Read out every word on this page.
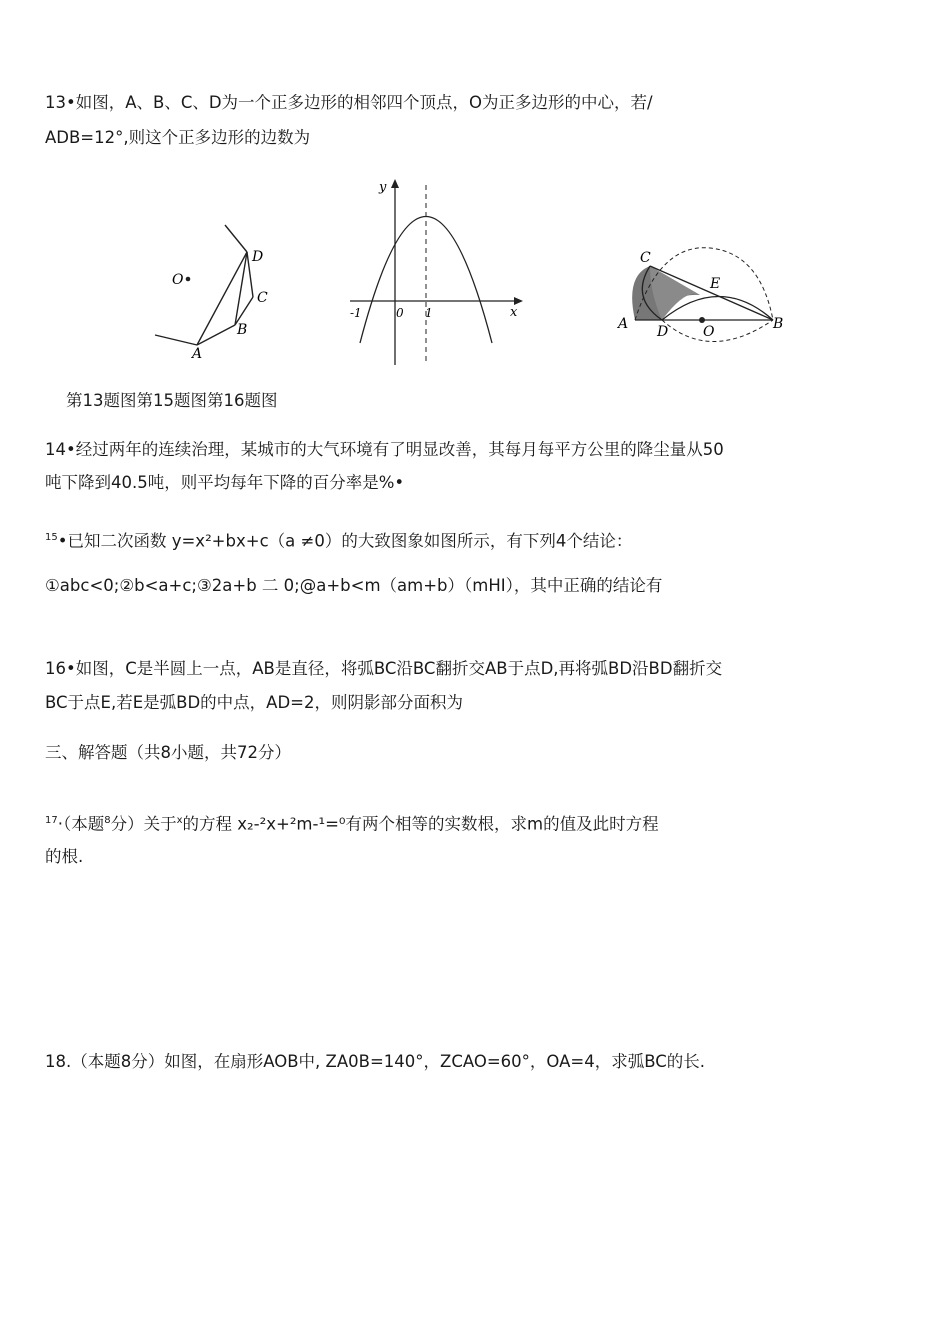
13•如图，A、B、C、D为一个正多边形的相邻四个顶点，O为正多边形的中心，若/
ADB=12°,则这个正多边形的边数为
O
A
B
C
D
y
x
-1	0 1
C
E
A D O	B
第13题图第15题图第16题图
14•经过两年的连续治理，某城市的大气环境有了明显改善，其每月每平方公里的降尘量从50
吨下降到40.5吨，则平均每年下降的百分率是%•
$^{15}$•已知二次函数 y=x²+bx+c（a ≠0）的大致图象如图所示，有下列4个结论：
①abc<0;②b<a+c;③2a+b 二 0;@a+b<m（am+b）（mHI），其中正确的结论有
16•如图，C是半圆上一点，AB是直径，将弧BC沿BC翻折交AB于点D,再将弧BD沿BD翻折交
BC于点E,若E是弧BD的中点，AD=2，则阴影部分面积为
三、解答题（共8小题，共72分）
$^{17}$·（本题$^8$分）关于$^x$的方程 x₂-²x+²m-¹=⁰有两个相等的实数根，求m的值及此时方程
的根.
18.（本题8分）如图，在扇形AOB中, ZA0B=140°，ZCAO=60°，OA=4，求弧BC的长.
